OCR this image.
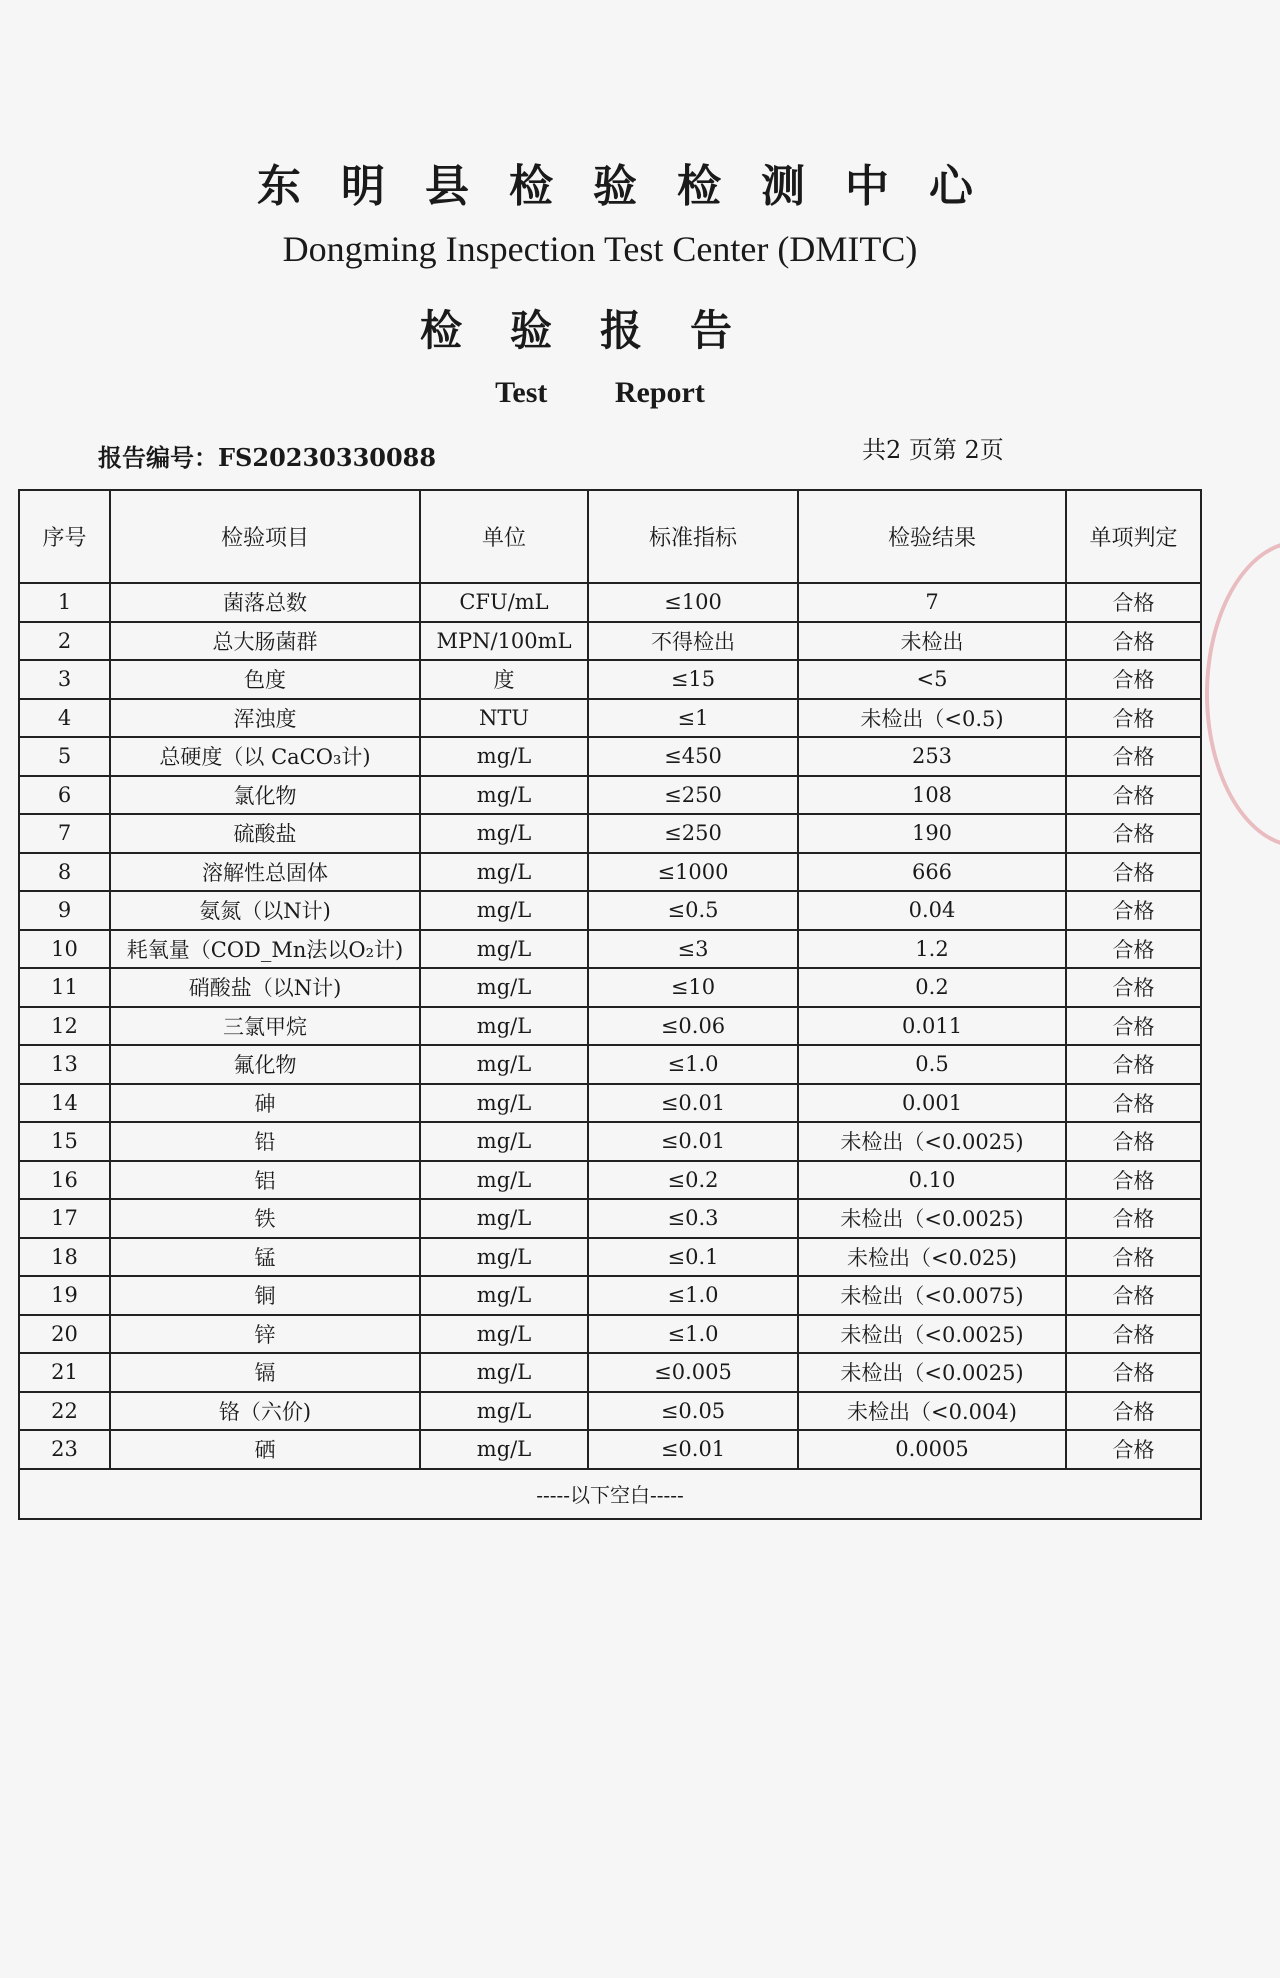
东明县检验检测中心
Dongming Inspection Test Center (DMITC)
检验报告
Test Report
报告编号：FS20230330088	共2 页第 2页
序号	检验项目	单位	标准指标	检验结果	单项判定
1	菌落总数	CFU/mL	≤100	7	合格
2	总大肠菌群	MPN/100mL	不得检出	未检出	合格
3	色度	度	≤15	<5	合格
4	浑浊度	NTU	≤1	未检出（<0.5)	合格
5	总硬度（以 CaCO₃计)	mg/L	≤450	253	合格
6	氯化物	mg/L	≤250	108	合格
7	硫酸盐	mg/L	≤250	190	合格
8	溶解性总固体	mg/L	≤1000	666	合格
9	氨氮（以N计)	mg/L	≤0.5	0.04	合格
10	耗氧量（COD_Mn法以O₂计)	mg/L	≤3	1.2	合格
11	硝酸盐（以N计)	mg/L	≤10	0.2	合格
12	三氯甲烷	mg/L	≤0.06	0.011	合格
13	氟化物	mg/L	≤1.0	0.5	合格
14	砷	mg/L	≤0.01	0.001	合格
15	铅	mg/L	≤0.01	未检出（<0.0025)	合格
16	铝	mg/L	≤0.2	0.10	合格
17	铁	mg/L	≤0.3	未检出（<0.0025)	合格
18	锰	mg/L	≤0.1	未检出（<0.025)	合格
19	铜	mg/L	≤1.0	未检出（<0.0075)	合格
20	锌	mg/L	≤1.0	未检出（<0.0025)	合格
21	镉	mg/L	≤0.005	未检出（<0.0025)	合格
22	铬（六价)	mg/L	≤0.05	未检出（<0.004)	合格
23	硒	mg/L	≤0.01	0.0005	合格
-----以下空白-----					
